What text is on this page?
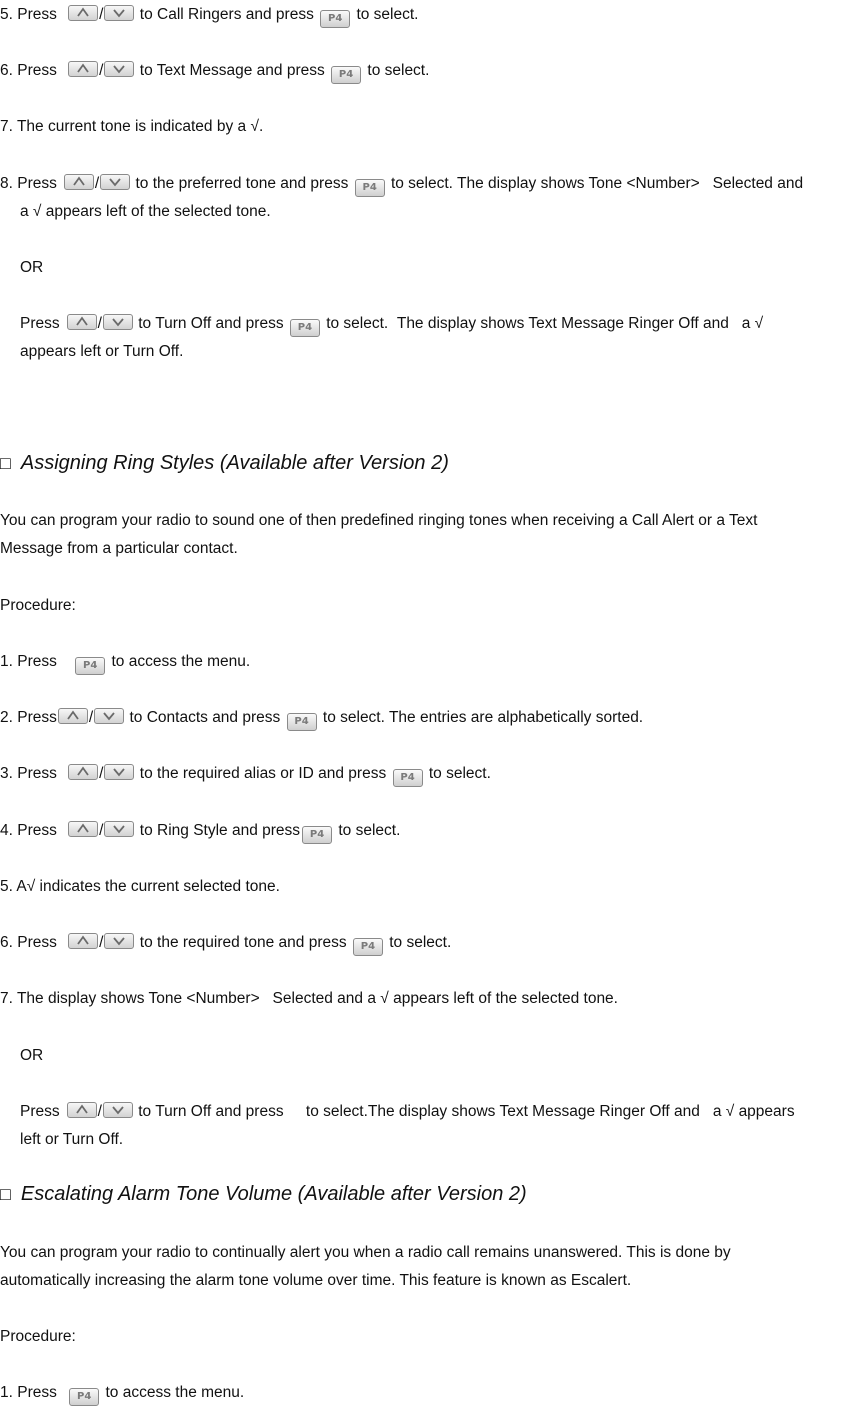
5. Press	/ to Call Ringers and press P4 to select.
6. Press	/ to Text Message and press P4 to select.
7. The current tone is indicated by a √.
8. Press / to the preferred tone and press P4 to select. The display shows Tone <Number>   Selected and
a √ appears left of the selected tone.
OR
Press / to Turn Off and press P4 to select.  The display shows Text Message Ringer Off and   a √
appears left or Turn Off.
□ Assigning Ring Styles (Available after Version 2)
You can program your radio to sound one of then predefined ringing tones when receiving a Call Alert or a Text
Message from a particular contact.
Procedure:
1. Press	P4 to access the menu.
2. Press / to Contacts and press P4 to select. The entries are alphabetically sorted.
3. Press	/ to the required alias or ID and press P4 to select.
4. Press	/ to Ring Style and press P4 to select.
5. A√ indicates the current selected tone.
6. Press	/ to the required tone and press P4 to select.
7. The display shows Tone <Number>   Selected and a √ appears left of the selected tone.
OR
Press / to Turn Off and press to select.The display shows Text Message Ringer Off and   a √ appears
left or Turn Off.
□ Escalating Alarm Tone Volume (Available after Version 2)
You can program your radio to continually alert you when a radio call remains unanswered. This is done by
automatically increasing the alarm tone volume over time. This feature is known as Escalert.
Procedure:
1. Press P4 to access the menu.
